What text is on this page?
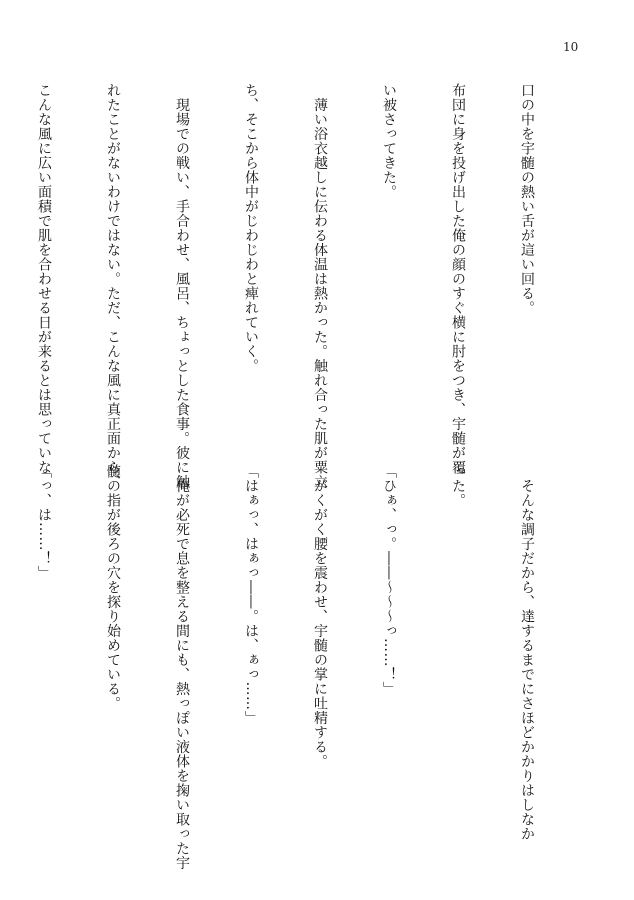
10

口の中を宇髄の熱い舌が這い回る。

布団に身を投げ出した俺の顔のすぐ横に肘をつき、宇髄が覆

い被さってきた。

　薄い浴衣越しに伝わる体温は熱かった。触れ合った肌が粟立

ち、そこから体中がじわじわと痺れていく。

　現場での戦い、手合わせ、風呂、ちょっとした食事。彼に触

れたことがないわけではない。ただ、こんな風に真正面から、

こんな風に広い面積で肌を合わせる日が来るとは思っていな

　そんな調子だから、達するまでにさほどかかりはしなか

った。

「ひぁ、っ。――〜〜〜っ……！」

　がくがく腰を震わせ、宇髄の掌に吐精する。

「はぁっ、はぁっ――。は、ぁっ……」

　俺が必死で息を整える間にも、熱っぽい液体を掬い取った宇

髄の指が後ろの穴を探り始めている。

「っ、は……！」
